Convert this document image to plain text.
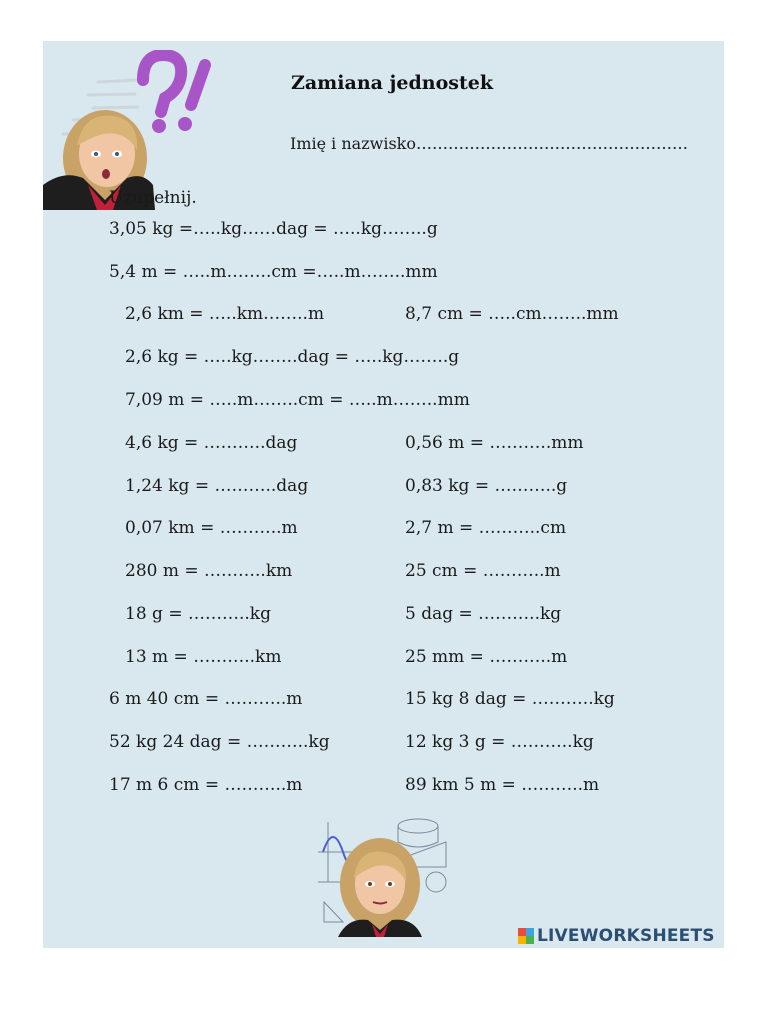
Zamiana jednostek
Imię i nazwisko……………………………………………
Uzupełnij.
3,05 kg =…..kg……dag = …..kg……..g
5,4 m = …..m……..cm =…..m……..mm
2,6 km = …..km……..m	8,7 cm = …..cm……..mm
2,6 kg = …..kg……..dag = …..kg……..g
7,09 m = …..m……..cm = …..m……..mm
4,6 kg = ………..dag	0,56 m = ………..mm
1,24 kg = ………..dag	0,83 kg = ………..g
0,07 km = ………..m	2,7 m = ………..cm
280 m = ………..km	25 cm = ………..m
18 g = ………..kg	5 dag = ………..kg
13 m = ………..km	25 mm = ………..m
6 m 40 cm = ………..m	15 kg 8 dag = ………..kg
52 kg 24 dag = ………..kg	12 kg 3 g = ………..kg
17 m 6 cm = ………..m	89 km 5 m = ………..m
LIVEWORKSHEETS
